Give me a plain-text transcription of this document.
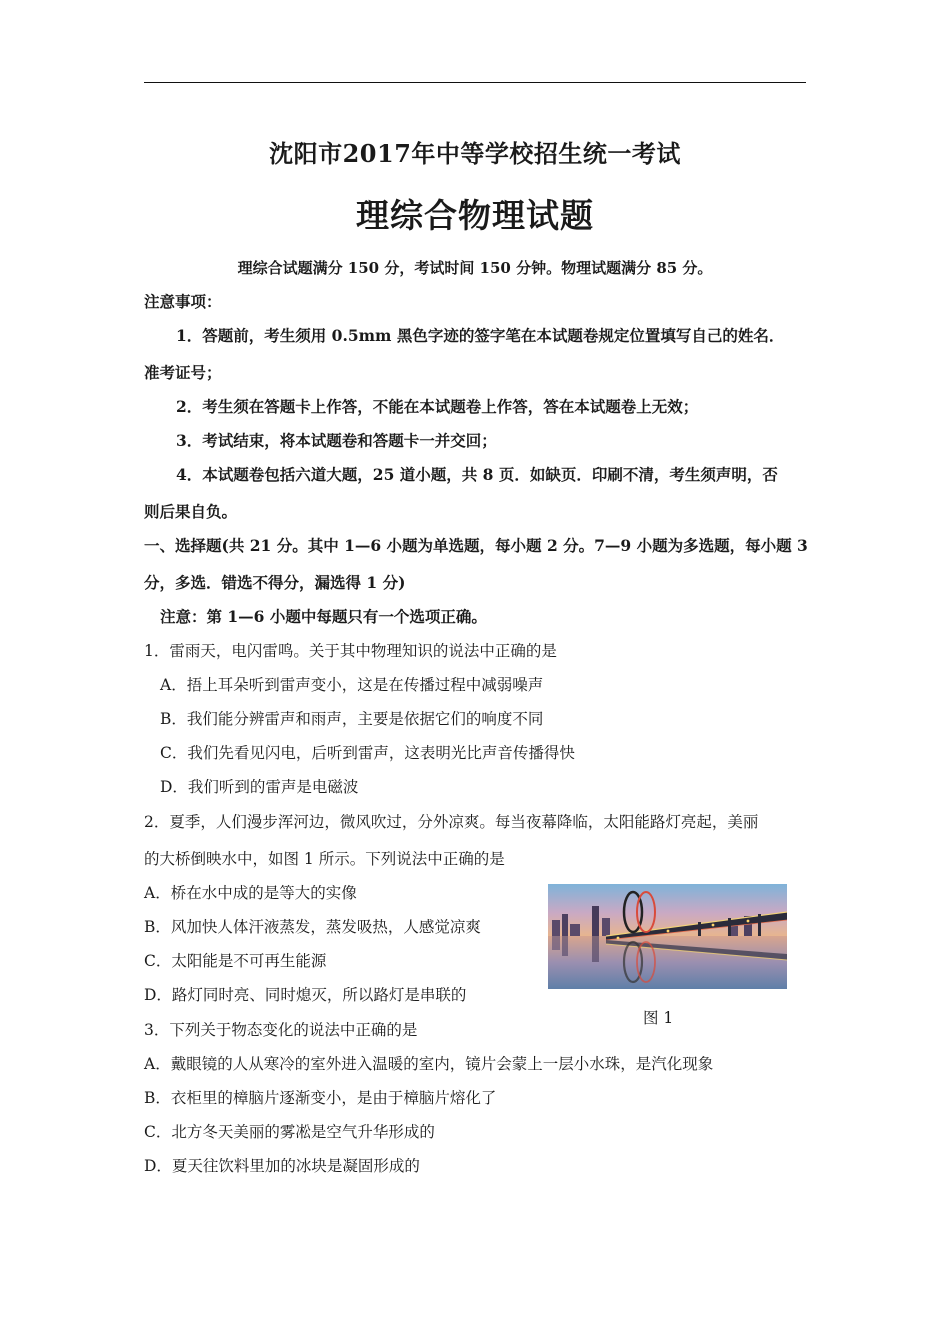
沈阳市2017年中等学校招生统一考试
理综合物理试题
理综合试题满分 150 分，考试时间 150 分钟。物理试题满分 85 分。
注意事项：
1．答题前，考生须用 0.5mm 黑色字迹的签字笔在本试题卷规定位置填写自己的姓名．
准考证号；
2．考生须在答题卡上作答，不能在本试题卷上作答，答在本试题卷上无效；
3．考试结束，将本试题卷和答题卡一并交回；
4．本试题卷包括六道大题，25 道小题，共 8 页．如缺页．印刷不清，考生须声明，否
则后果自负。
一、选择题(共 21 分。其中 1—6 小题为单选题，每小题 2 分。7—9 小题为多选题，每小题 3
分，多选．错选不得分，漏选得 1 分)
注意：第 1—6 小题中每题只有一个选项正确。
1．雷雨天，电闪雷鸣。关于其中物理知识的说法中正确的是
A．捂上耳朵听到雷声变小，这是在传播过程中减弱噪声
B．我们能分辨雷声和雨声，主要是依据它们的响度不同
C．我们先看见闪电，后听到雷声，这表明光比声音传播得快
D．我们听到的雷声是电磁波
2．夏季，人们漫步浑河边，微风吹过，分外凉爽。每当夜幕降临，太阳能路灯亮起，美丽
的大桥倒映水中，如图 1 所示。下列说法中正确的是
A．桥在水中成的是等大的实像
B．风加快人体汗液蒸发，蒸发吸热，人感觉凉爽
C．太阳能是不可再生能源
D．路灯同时亮、同时熄灭，所以路灯是串联的
图 1
3．下列关于物态变化的说法中正确的是
A．戴眼镜的人从寒冷的室外进入温暖的室内，镜片会蒙上一层小水珠，是汽化现象
B．衣柜里的樟脑片逐渐变小，是由于樟脑片熔化了
C．北方冬天美丽的雾凇是空气升华形成的
D．夏天往饮料里加的冰块是凝固形成的
